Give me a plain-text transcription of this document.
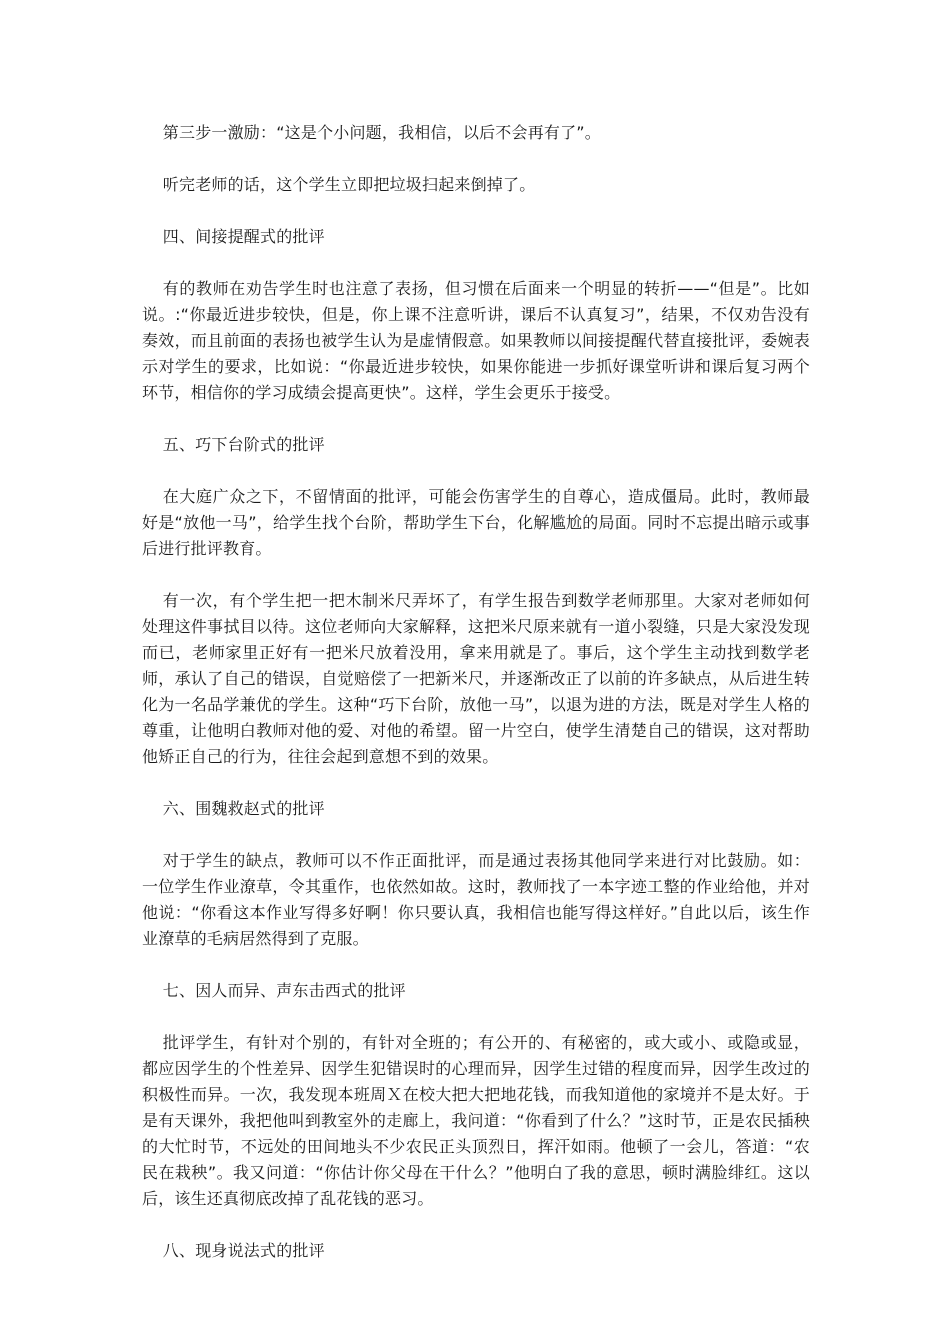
第三步一激励：“这是个小问题，我相信，以后不会再有了”。

听完老师的话，这个学生立即把垃圾扫起来倒掉了。

四、间接提醒式的批评

有的教师在劝告学生时也注意了表扬，但习惯在后面来一个明显的转折——“但是”。比如说。:“你最近进步较快，但是，你上课不注意听讲，课后不认真复习”，结果，不仅劝告没有奏效，而且前面的表扬也被学生认为是虚情假意。如果教师以间接提醒代替直接批评，委婉表示对学生的要求，比如说：“你最近进步较快，如果你能进一步抓好课堂听讲和课后复习两个环节，相信你的学习成绩会提高更快”。这样，学生会更乐于接受。

五、巧下台阶式的批评

在大庭广众之下，不留情面的批评，可能会伤害学生的自尊心，造成僵局。此时，教师最好是“放他一马”，给学生找个台阶，帮助学生下台，化解尴尬的局面。同时不忘提出暗示或事后进行批评教育。

有一次，有个学生把一把木制米尺弄坏了，有学生报告到数学老师那里。大家对老师如何处理这件事拭目以待。这位老师向大家解释，这把米尺原来就有一道小裂缝，只是大家没发现而已，老师家里正好有一把米尺放着没用，拿来用就是了。事后，这个学生主动找到数学老师，承认了自己的错误，自觉赔偿了一把新米尺，并逐渐改正了以前的许多缺点，从后进生转化为一名品学兼优的学生。这种“巧下台阶，放他一马”，以退为进的方法，既是对学生人格的尊重，让他明白教师对他的爱、对他的希望。留一片空白，使学生清楚自己的错误，这对帮助他矫正自己的行为，往往会起到意想不到的效果。

六、围魏救赵式的批评

对于学生的缺点，教师可以不作正面批评，而是通过表扬其他同学来进行对比鼓励。如：一位学生作业潦草，令其重作，也依然如故。这时，教师找了一本字迹工整的作业给他，并对他说：“你看这本作业写得多好啊！你只要认真，我相信也能写得这样好。”自此以后，该生作业潦草的毛病居然得到了克服。

七、因人而异、声东击西式的批评

批评学生，有针对个别的，有针对全班的；有公开的、有秘密的，或大或小、或隐或显，都应因学生的个性差异、因学生犯错误时的心理而异，因学生过错的程度而异，因学生改过的积极性而异。一次，我发现本班周Ｘ在校大把大把地花钱，而我知道他的家境并不是太好。于是有天课外，我把他叫到教室外的走廊上，我问道：“你看到了什么？”这时节，正是农民插秧的大忙时节，不远处的田间地头不少农民正头顶烈日，挥汗如雨。他顿了一会儿，答道：“农民在栽秧”。我又问道：“你估计你父母在干什么？”他明白了我的意思，顿时满脸绯红。这以后，该生还真彻底改掉了乱花钱的恶习。

八、现身说法式的批评
